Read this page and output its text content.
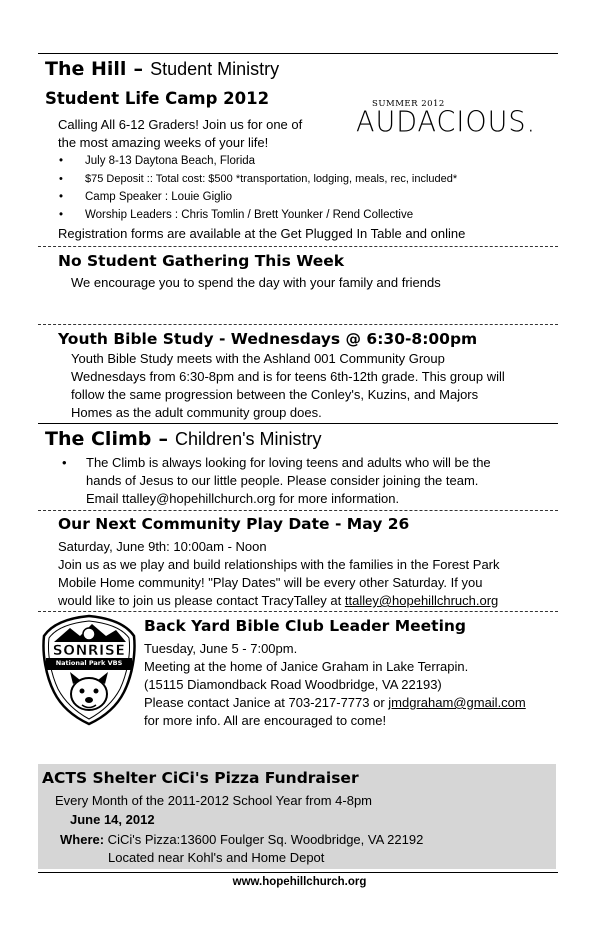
The Hill – Student Ministry
Student Life Camp 2012	SUMMER 2012
AUDACIOUS.
Calling All 6-12 Graders! Join us for one of
the most amazing weeks of your life!
• July 8-13 Daytona Beach, Florida
• $75 Deposit :: Total cost: $500 *transportation, lodging, meals, rec, included*
• Camp Speaker : Louie Giglio
• Worship Leaders : Chris Tomlin / Brett Younker / Rend Collective
Registration forms are available at the Get Plugged In Table and online
No Student Gathering This Week
We encourage you to spend the day with your family and friends
Youth Bible Study - Wednesdays @ 6:30-8:00pm
Youth Bible Study meets with the Ashland 001 Community Group
Wednesdays from 6:30-8pm and is for teens 6th-12th grade. This group will
follow the same progression between the Conley's, Kuzins, and Majors
Homes as the adult community group does.
The Climb – Children's Ministry
• The Climb is always looking for loving teens and adults who will be the
hands of Jesus to our little people. Please consider joining the team.
Email ttalley@hopehillchurch.org for more information.
Our Next Community Play Date - May 26
Saturday, June 9th: 10:00am - Noon
Join us as we play and build relationships with the families in the Forest Park
Mobile Home community! "Play Dates" will be every other Saturday. If you
would like to join us please contact TracyTalley at ttalley@hopehillchruch.org
SONRISE
National Park VBS
Back Yard Bible Club Leader Meeting
Tuesday, June 5 - 7:00pm.
Meeting at the home of Janice Graham in Lake Terrapin.
(15115 Diamondback Road Woodbridge, VA 22193)
Please contact Janice at 703-217-7773 or jmdgraham@gmail.com
for more info. All are encouraged to come!
ACTS Shelter CiCi's Pizza Fundraiser
Every Month of the 2011-2012 School Year from 4-8pm
June 14, 2012
Where: CiCi's Pizza:13600 Foulger Sq. Woodbridge, VA 22192
Located near Kohl's and Home Depot
www.hopehillchurch.org
